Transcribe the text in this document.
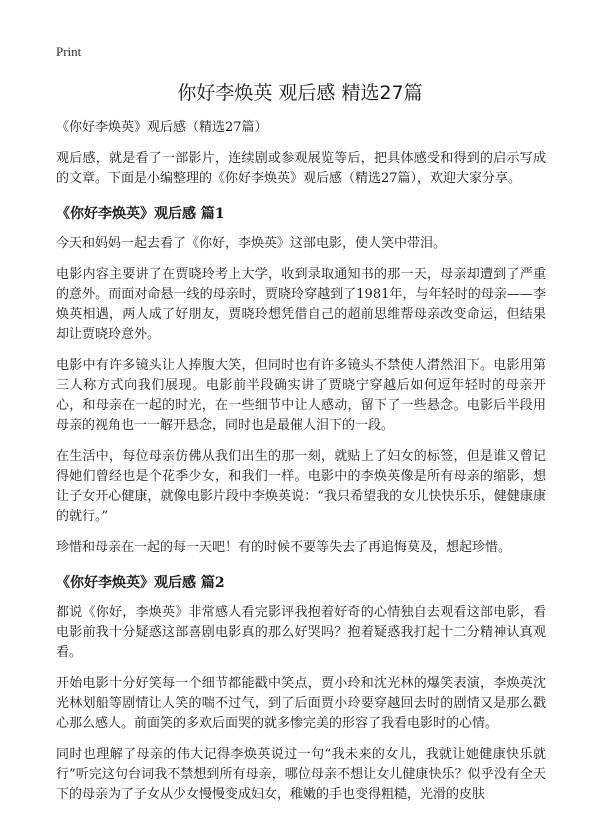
Print
你好李焕英 观后感 精选27篇

《你好李焕英》观后感（精选27篇）

观后感，就是看了一部影片，连续剧或参观展览等后，把具体感受和得到的启示写成的文章。下面是小编整理的《你好李焕英》观后感（精选27篇），欢迎大家分享。

《你好李焕英》观后感 篇1

今天和妈妈一起去看了《你好，李焕英》这部电影，使人笑中带泪。

电影内容主要讲了在贾晓玲考上大学，收到录取通知书的那一天，母亲却遭到了严重的意外。而面对命悬一线的母亲时，贾晓玲穿越到了1981年，与年轻时的母亲——李焕英相遇，两人成了好朋友，贾晓玲想凭借自己的超前思维帮母亲改变命运，但结果却让贾晓玲意外。

电影中有许多镜头让人捧腹大笑，但同时也有许多镜头不禁使人潸然泪下。电影用第三人称方式向我们展现。电影前半段确实讲了贾晓宁穿越后如何逗年轻时的母亲开心，和母亲在一起的时光，在一些细节中让人感动，留下了一些悬念。电影后半段用母亲的视角也一一解开悬念，同时也是最催人泪下的一段。

在生活中，每位母亲仿佛从我们出生的那一刻，就贴上了妇女的标签，但是谁又曾记得她们曾经也是个花季少女，和我们一样。电影中的李焕英像是所有母亲的缩影，想让子女开心健康，就像电影片段中李焕英说：“我只希望我的女儿快快乐乐，健健康康的就行。”

珍惜和母亲在一起的每一天吧！有的时候不要等失去了再追悔莫及，想起珍惜。

《你好李焕英》观后感 篇2

都说《你好，李焕英》非常感人看完影评我抱着好奇的心情独自去观看这部电影，看电影前我十分疑惑这部喜剧电影真的那么好哭吗？抱着疑惑我打起十二分精神认真观看。

开始电影十分好笑每一个细节都能戳中笑点，贾小玲和沈光林的爆笑表演，李焕英沈光林划船等剧情让人笑的喘不过气，到了后面贾小玲要穿越回去时的剧情又是那么戳心那么感人。前面笑的多欢后面哭的就多惨完美的形容了我看电影时的心情。

同时也理解了母亲的伟大记得李焕英说过一句“我未来的女儿，我就让她健康快乐就行”听完这句台词我不禁想到所有母亲，哪位母亲不想让女儿健康快乐？似乎没有全天下的母亲为了子女从少女慢慢变成妇女，稚嫩的手也变得粗糙，光滑的皮肤
